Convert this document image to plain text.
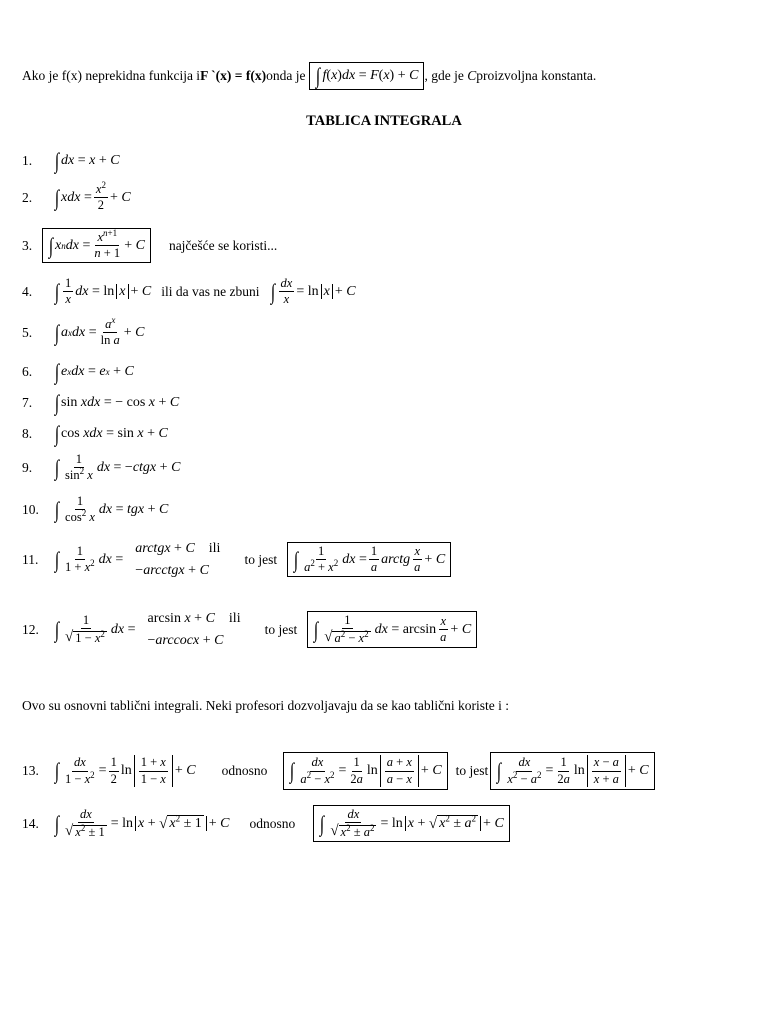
Ako je f(x) neprekidna funkcija i F `(x) = f(x) onda je ∫ f ( x ) dx = F ( x ) + C , gde je C proizvoljna konstanta.
TABLICA INTEGRALA
1.	∫ dx = x + C
2.	∫ xdx = $\frac{x^2}{2} + C$
3. ∫ x n dx = $\frac{x^{n+1}}{n + 1} + C$ najčešće se koristi...
4.	∫ $\frac{1}{x}$ dx = ln x + C ili da vas ne zbuni ∫ $\frac{dx}{x} = \ln x + C$
5.	∫ a x dx = $\frac{a^x}{\text{ln a}} + C$
6.	∫ e x dx = e x + C
7.	∫ sin xdx = − cos x + C
8.	∫ cos xdx = sin x + C
9.	∫ $\frac{1}{\sin^2 x}$ dx = − ctgx + C
10. ∫ $\frac{1}{\cos^2 x}$ dx = tgx + C
11. ∫ $\frac{1}{1 + x^2}$ dx =
arctgx + C ili
−arcctgx + C
to jest ∫ $\frac{1}{a^2 + x^2}$ dx = $\frac{1}{a}$ arctg $\frac{x}{a} + C$
12. ∫ $\frac{1}{√ 1 - x^2}$ dx =
arcsin x + C ili
−arccocx + C
to jest ∫ $\frac{1}{√ a^2 - x^2}$ dx = $\arcsin \frac{x}{a} + C$
Ovo su osnovni tablični integrali. Neki profesori dozvoljavaju da se kao tablični koriste i :
13. ∫ $\frac{dx}{1 - x^2} = \frac{1}{2}$ $\ln \frac{1 + x}{1 - x} + C$ odnosno ∫ $\frac{dx}{a^2 - x^2} = \frac{1}{2a}$ $\ln \frac{a + x}{a - x} + C$ to jest ∫ $\frac{dx}{x^2 - a^2} = \frac{1}{2a}$ $\ln \frac{x - a}{x + a} + C$
14. ∫ $\frac{dx}{√ x^2 \pm 1} = \ln x$ + √ $x^2 \pm 1 + C$ odnosno ∫ $\frac{dx}{√ x^2 \pm a^2} = \ln x$ + √ $x^2 \pm a^2 + C$
